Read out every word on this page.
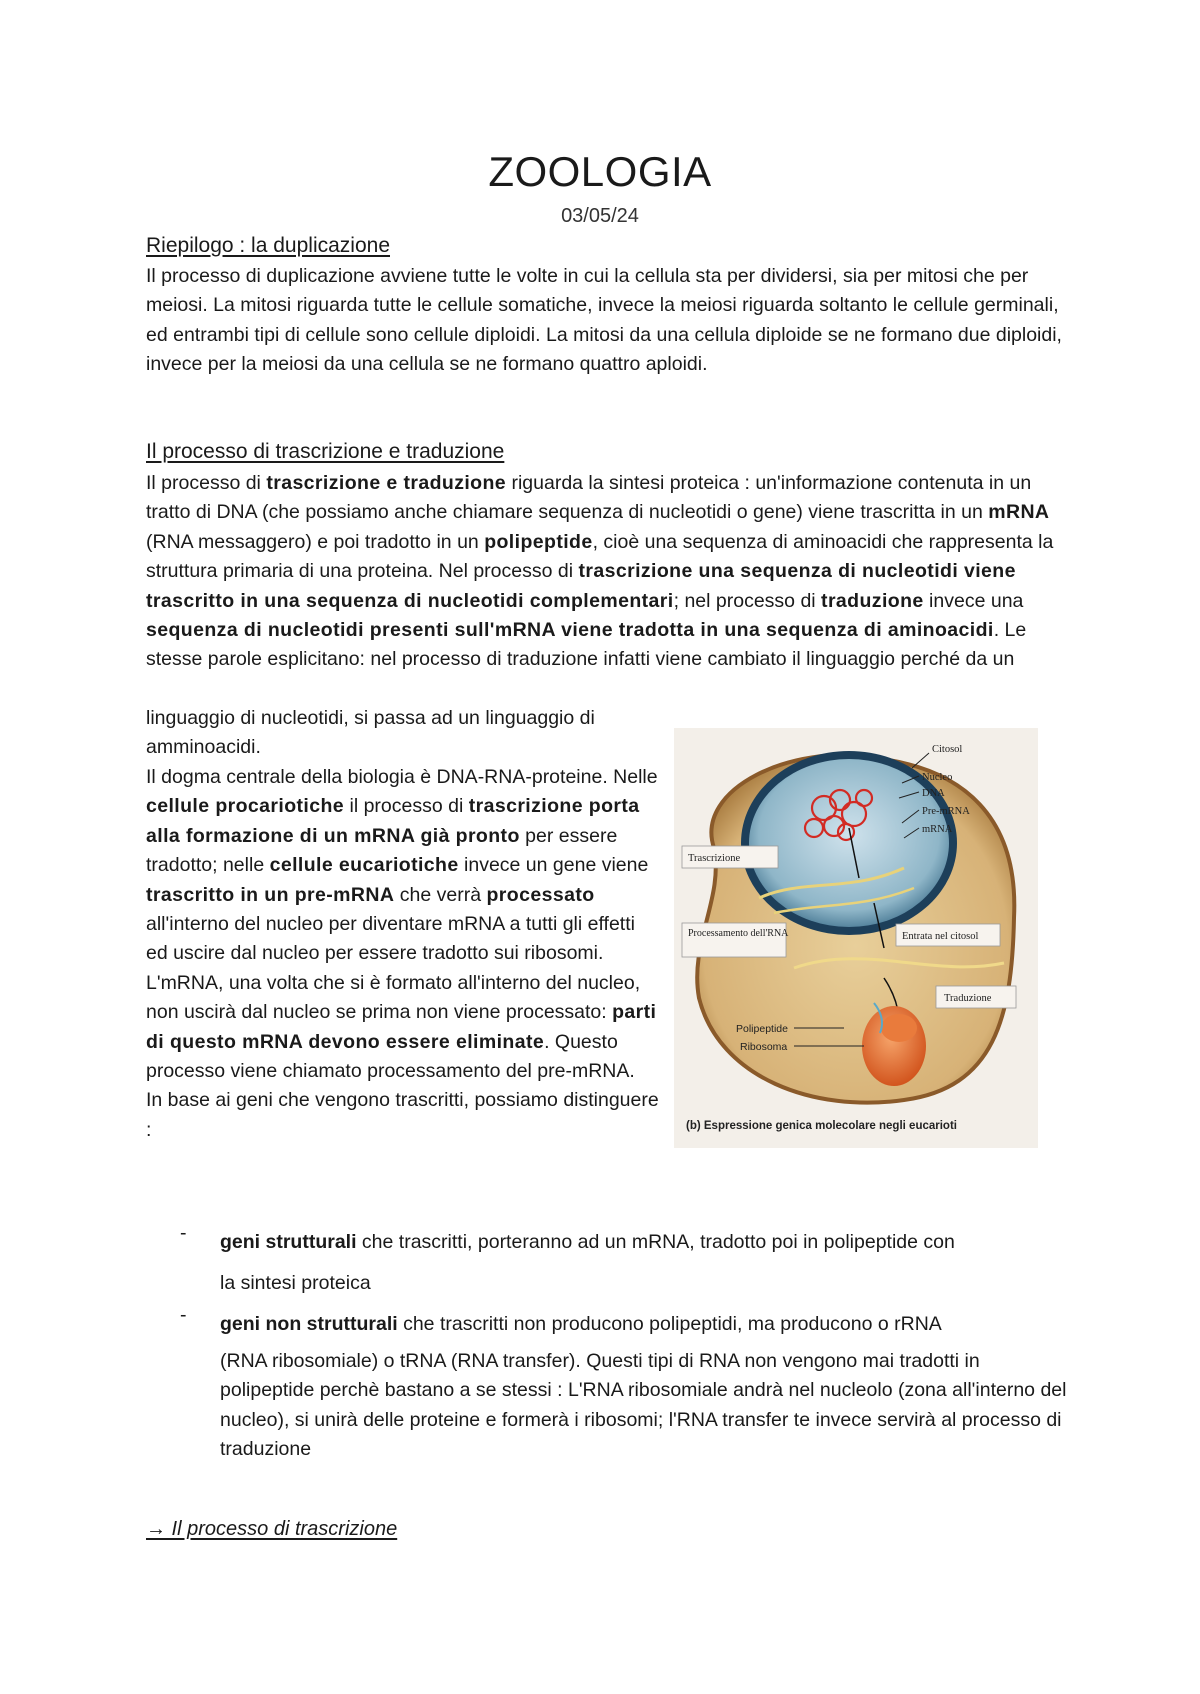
ZOOLOGIA
03/05/24
Riepilogo : la duplicazione
Il processo di duplicazione avviene tutte le volte in cui la cellula sta per dividersi, sia per mitosi che per meiosi. La mitosi riguarda tutte le cellule somatiche, invece la meiosi riguarda soltanto le cellule germinali, ed entrambi tipi di cellule sono cellule diploidi. La mitosi da una cellula diploide se ne formano due diploidi, invece per la meiosi da una cellula se ne formano quattro aploidi.
Il processo di trascrizione e traduzione
Il processo di trascrizione e traduzione riguarda la sintesi proteica : un'informazione contenuta in un tratto di DNA (che possiamo anche chiamare sequenza di nucleotidi o gene) viene trascritta in un mRNA (RNA messaggero) e poi tradotto in un polipeptide, cioè una sequenza di aminoacidi che rappresenta la struttura primaria di una proteina. Nel processo di trascrizione una sequenza di nucleotidi viene trascritto in una sequenza di nucleotidi complementari; nel processo di traduzione invece una sequenza di nucleotidi presenti sull'mRNA viene tradotta in una sequenza di aminoacidi. Le stesse parole esplicitano: nel processo di traduzione infatti viene cambiato il linguaggio perché da un
linguaggio di nucleotidi, si passa ad un linguaggio di
amminoacidi.
Il dogma centrale della biologia è DNA-RNA-proteine. Nelle cellule procariotiche il processo di trascrizione porta alla formazione di un mRNA già pronto per essere tradotto; nelle cellule eucariotiche invece un gene viene trascritto in un pre-mRNA che verrà processato all'interno del nucleo per diventare mRNA a tutti gli effetti ed uscire dal nucleo per essere tradotto sui ribosomi. L'mRNA, una volta che si è formato all'interno del nucleo, non uscirà dal nucleo se prima non viene processato: parti di questo mRNA devono essere eliminate. Questo processo viene chiamato processamento del pre-mRNA.
In base ai geni che vengono trascritti, possiamo distinguere :
- geni strutturali che trascritti, porteranno ad un mRNA, tradotto poi in polipeptide con
la sintesi proteica
- geni non strutturali che trascritti non producono polipeptidi, ma producono o rRNA
(RNA ribosomiale) o tRNA (RNA transfer). Questi tipi di RNA non vengono mai tradotti in polipeptide perchè bastano a se stessi : L'RNA ribosomiale andrà nel nucleolo (zona all'interno del nucleo), si unirà delle proteine e formerà i ribosomi; l'RNA transfer te invece servirà al processo di traduzione
→ Il processo di trascrizione
Citosol
Nucleo
DNA
Pre-mRNA
mRNA
Trascrizione
Processamento dell'RNA	Entrata nel citosol
Traduzione
Polipeptide
Ribosoma
(b) Espressione genica molecolare negli eucarioti
